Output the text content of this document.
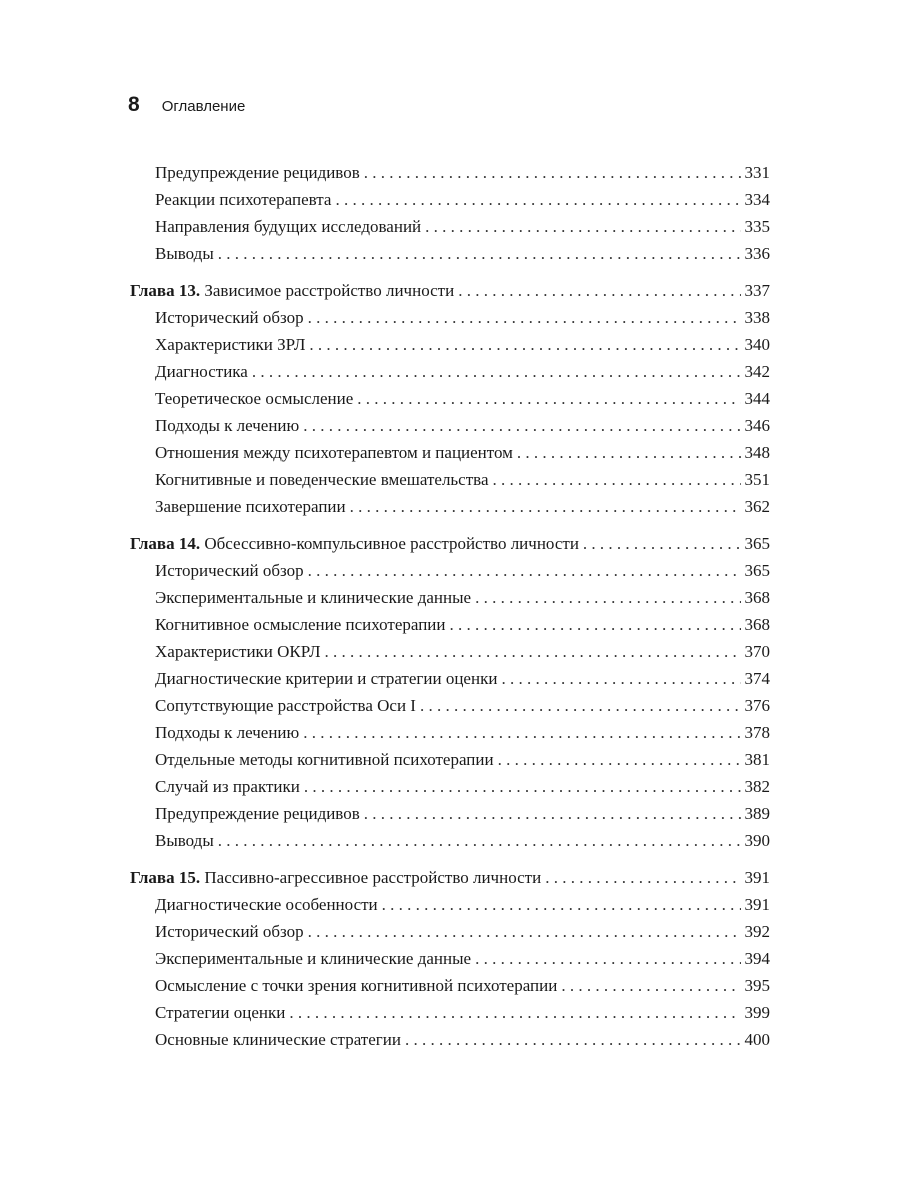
8 Оглавление
Предупреждение рецидивов . . .	331
Реакции психотерапевта . . .	334
Направления будущих исследований . . .	335
Выводы . . .	336
Глава 13. Зависимое расстройство личности . . .	337
Исторический обзор . . .	338
Характеристики ЗРЛ . . .	340
Диагностика . . .	342
Теоретическое осмысление . . .	344
Подходы к лечению . . .	346
Отношения между психотерапевтом и пациентом . . .	348
Когнитивные и поведенческие вмешательства . . .	351
Завершение психотерапии . . .	362
Глава 14. Обсессивно-компульсивное расстройство личности . . .	365
Исторический обзор . . .	365
Экспериментальные и клинические данные . . .	368
Когнитивное осмысление психотерапии . . .	368
Характеристики ОКРЛ . . .	370
Диагностические критерии и стратегии оценки . . .	374
Сопутствующие расстройства Оси I . . .	376
Подходы к лечению . . .	378
Отдельные методы когнитивной психотерапии . . .	381
Случай из практики . . .	382
Предупреждение рецидивов . . .	389
Выводы . . .	390
Глава 15. Пассивно-агрессивное расстройство личности . . .	391
Диагностические особенности . . .	391
Исторический обзор . . .	392
Экспериментальные и клинические данные . . .	394
Осмысление с точки зрения когнитивной психотерапии . . .	395
Стратегии оценки . . .	399
Основные клинические стратегии . . .	400
